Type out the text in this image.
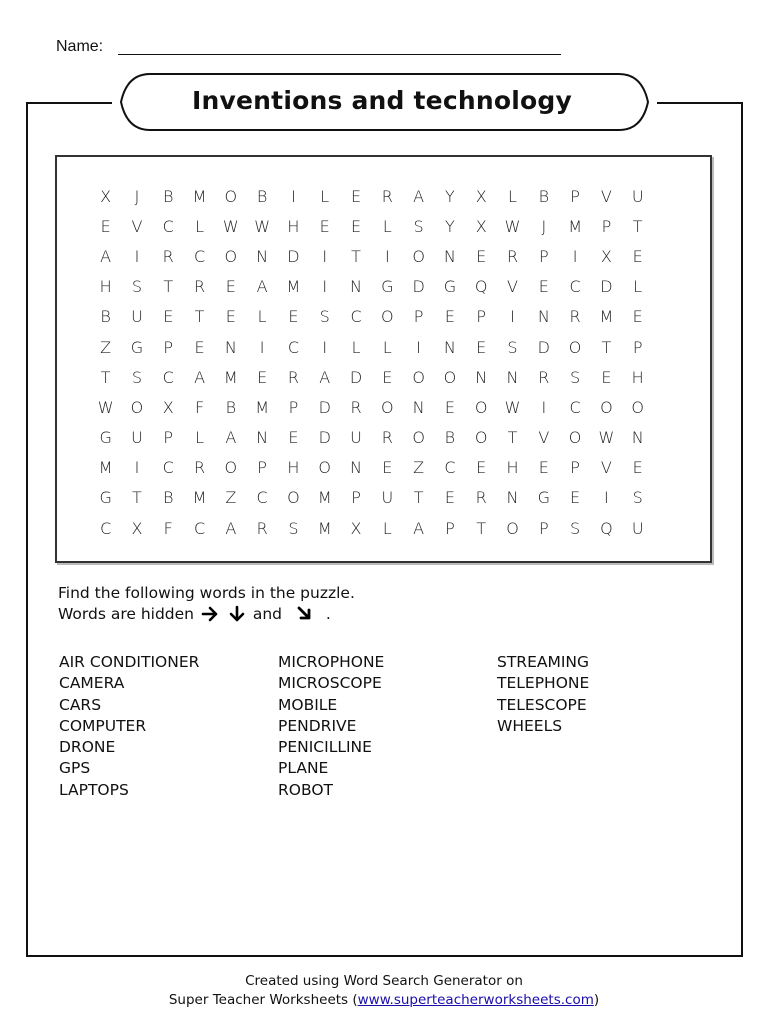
Name:
Inventions and technology
X	J	B	M	O	B	I	L	E	R	A	Y	X	L	B	P	V	U
E	V	C	L	W W	H	E	E	L	S	Y	X	W	J	M	P	T
A	I	R	C	O	N	D	I	T	I	O	N	E	R	P	I	X	E
H	S	T	R	E	A	M	I	N	G	D	G	Q	V	E	C	D	L
B	U	E	T	E	L	E	S	C	O	P	E	P	I	N	R	M	E
Z	G	P	E	N	I	C	I	L	L	I	N	E	S	D	O	T	P
T	S	C	A	M	E	R	A	D	E	O	O	N	N	R	S	E	H
W	O	X	F	B	M	P	D	R	O	N	E	O	W	I	C	O	O
G	U	P	L	A	N	E	D	U	R	O	B	O	T	V	O	W	N
M	I	C	R	O	P	H	O	N	E	Z	C	E	H	E	P	V	E
G	T	B	M	Z	C	O	M	P	U	T	E	R	N	G	E	I	S
C	X	F	C	A	R	S	M	X	L	A	P	T	O	P	S	Q	U
Find the following words in the puzzle.
Words are hidden	and	.
AIR CONDITIONER
CAMERA
CARS
COMPUTER
DRONE
GPS
LAPTOPS
MICROPHONE
MICROSCOPE
MOBILE
PENDRIVE
PENICILLINE
PLANE
ROBOT
STREAMING
TELEPHONE
TELESCOPE
WHEELS
Created using Word Search Generator on
Super Teacher Worksheets (www.superteacherworksheets.com)
